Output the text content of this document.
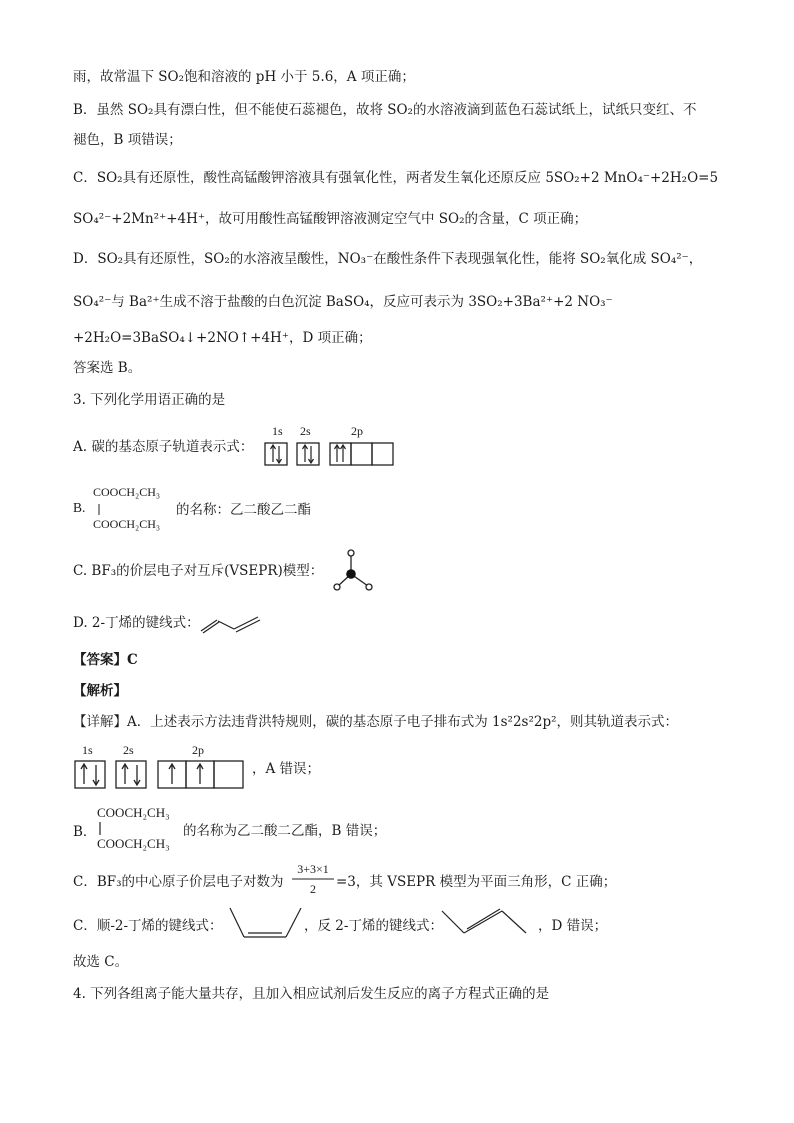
雨，故常温下 SO₂饱和溶液的 pH 小于 5.6，A 项正确；
B．虽然 SO₂具有漂白性，但不能使石蕊褪色，故将 SO₂的水溶液滴到蓝色石蕊试纸上，试纸只变红、不
褪色，B 项错误；
C．SO₂具有还原性，酸性高锰酸钾溶液具有强氧化性，两者发生氧化还原反应 5SO₂+2 MnO₄⁻+2H₂O=5
SO₄²⁻+2Mn²⁺+4H⁺，故可用酸性高锰酸钾溶液测定空气中 SO₂的含量，C 项正确；
D．SO₂具有还原性，SO₂的水溶液呈酸性，NO₃⁻在酸性条件下表现强氧化性，能将 SO₂氧化成 SO₄²⁻，
SO₄²⁻与 Ba²⁺生成不溶于盐酸的白色沉淀 BaSO₄，反应可表示为 3SO₂+3Ba²⁺+2 NO₃⁻
+2H₂O=3BaSO₄↓+2NO↑+4H⁺，D 项正确；
答案选 B。
3. 下列化学用语正确的是
A. 碳的基态原子轨道表示式：
1s 2s	2p
COOCH₂CH₃
B.
COOCH₂CH₃
的名称：乙二酸乙二酯
C. BF₃的价层电子对互斥(VSEPR)模型：
D. 2-丁烯的键线式：
【答案】C
【解析】
【详解】A．上述表示方法违背洪特规则，碳的基态原子电子排布式为 1s²2s²2p²，则其轨道表示式：
1s	2s	2p
，A 错误；
COOCH₂CH₃
B．
COOCH₂CH₃
的名称为乙二酸二乙酯，B 错误；
C．BF₃的中心原子价层电子对数为
3+3×1
2	=3，其 VSEPR 模型为平面三角形，C 正确；
C．顺-2-丁烯的键线式：	，反 2-丁烯的键线式：	，D 错误；
故选 C。
4. 下列各组离子能大量共存，且加入相应试剂后发生反应的离子方程式正确的是
